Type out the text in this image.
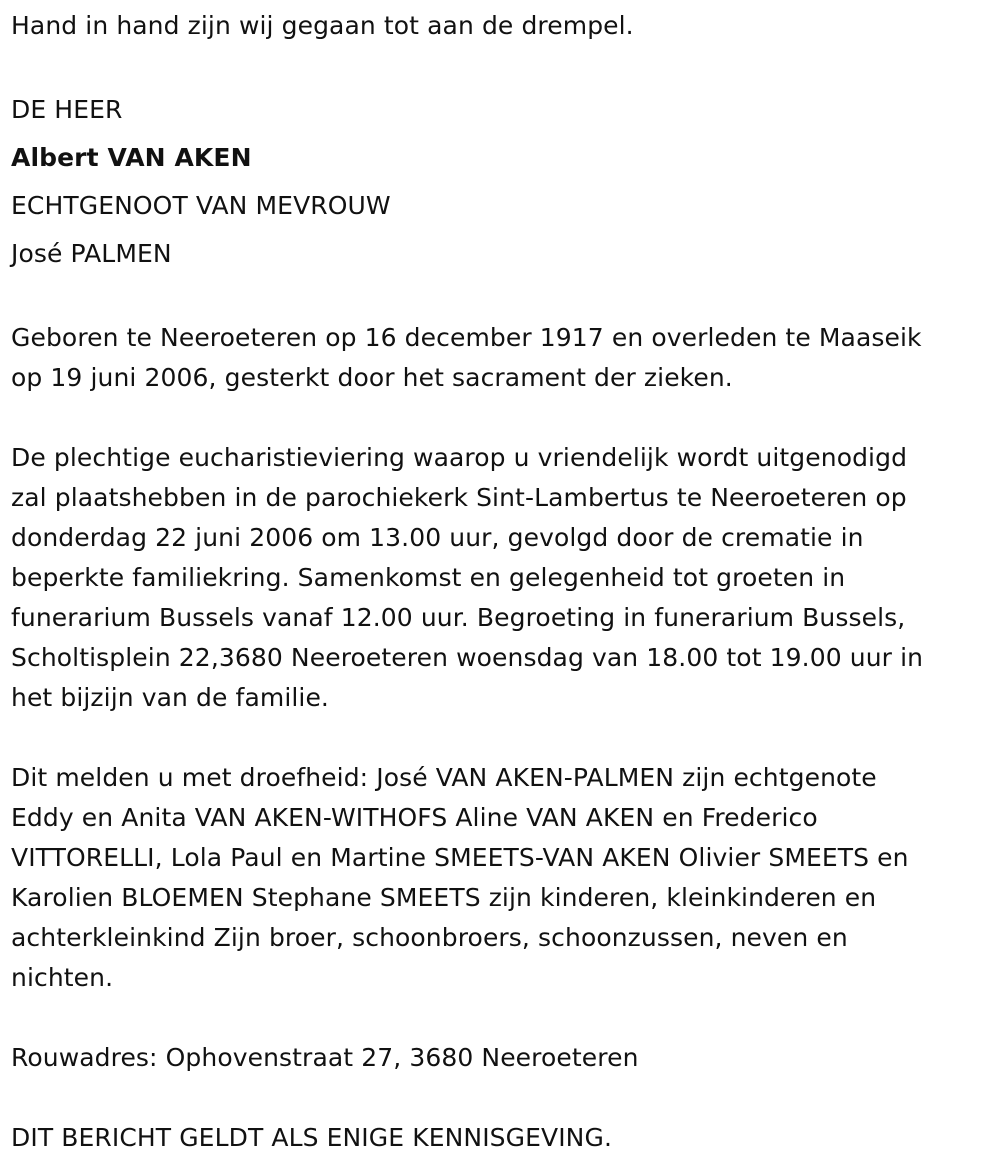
Hand in hand zijn wij gegaan tot aan de drempel.

DE HEER

Albert VAN AKEN

ECHTGENOOT VAN MEVROUW

José PALMEN

Geboren te Neeroeteren op 16 december 1917 en overleden te Maaseik

op 19 juni 2006, gesterkt door het sacrament der zieken.

De plechtige eucharistieviering waarop u vriendelijk wordt uitgenodigd

zal plaatshebben in de parochiekerk Sint-Lambertus te Neeroeteren op

donderdag 22 juni 2006 om 13.00 uur, gevolgd door de crematie in

beperkte familiekring. Samenkomst en gelegenheid tot groeten in

funerarium Bussels vanaf 12.00 uur. Begroeting in funerarium Bussels,

Scholtisplein 22,3680 Neeroeteren woensdag van 18.00 tot 19.00 uur in

het bijzijn van de familie.

Dit melden u met droefheid: José VAN AKEN-PALMEN zijn echtgenote

Eddy en Anita VAN AKEN-WITHOFS Aline VAN AKEN en Frederico

VITTORELLI, Lola Paul en Martine SMEETS-VAN AKEN Olivier SMEETS en

Karolien BLOEMEN Stephane SMEETS zijn kinderen, kleinkinderen en

achterkleinkind Zijn broer, schoonbroers, schoonzussen, neven en

nichten.

Rouwadres: Ophovenstraat 27, 3680 Neeroeteren

DIT BERICHT GELDT ALS ENIGE KENNISGEVING.
